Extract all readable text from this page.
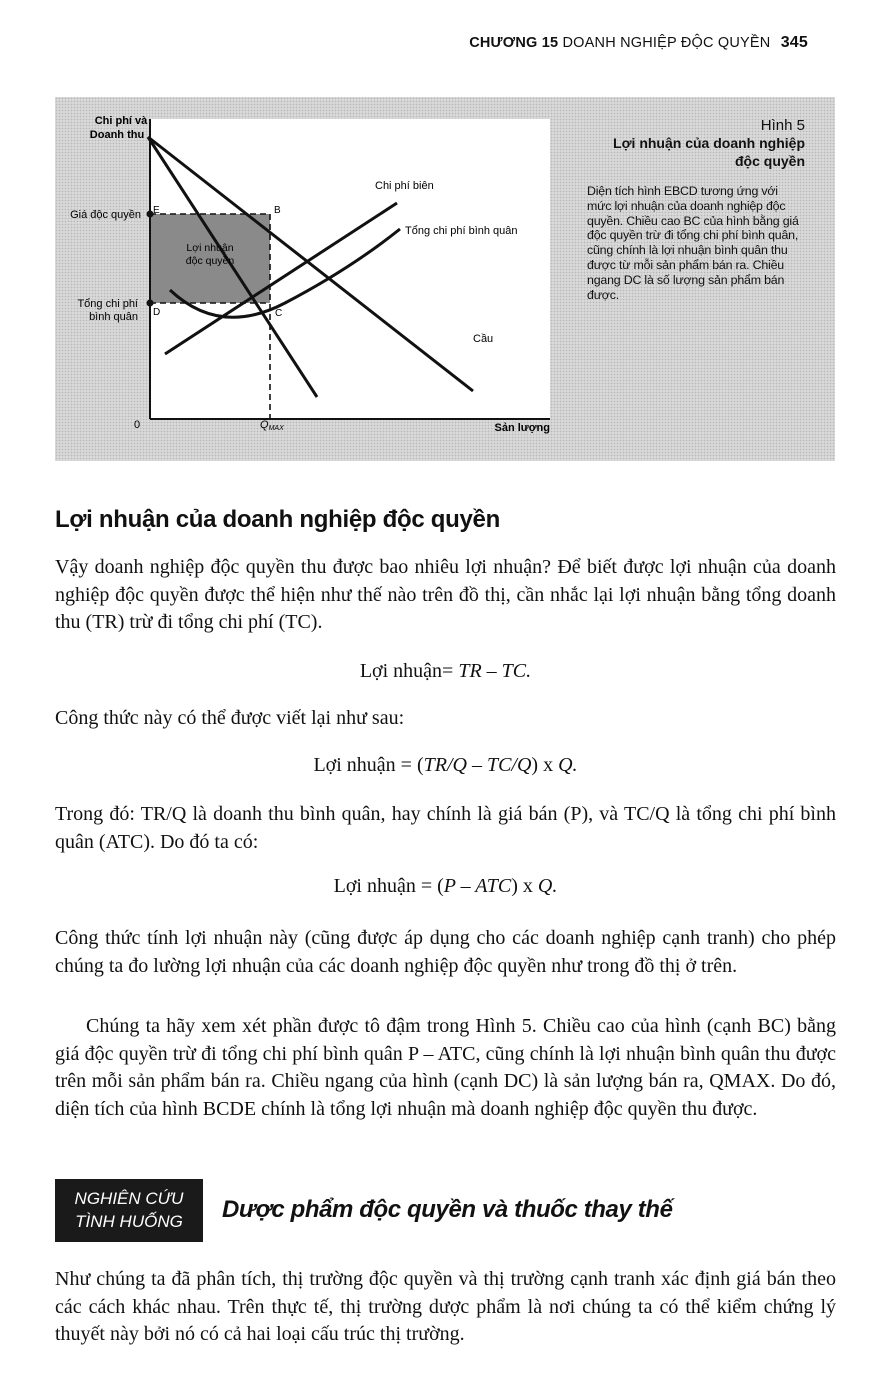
CHƯƠNG 15 DOANH NGHIỆP ĐỘC QUYỀN 345
Chi phí và
Doanh thu
Giá độc quyền
Tổng chi phí
bình quân
0	QMAX	Sản lượng
Lợi nhuận
độc quyền
E	B
C
D
Chi phí biên
Tổng chi phí bình quân
Cầu
Hình 5
Lợi nhuận của doanh nghiệp độc quyền
Diện tích hình EBCD tương ứng với mức lợi nhuận của doanh nghiệp độc quyền. Chiều cao BC của hình bằng giá độc quyền trừ đi tổng chi phí bình quân, cũng chính là lợi nhuận bình quân thu được từ mỗi sản phẩm bán ra. Chiều ngang DC là số lượng sản phẩm bán được.
Lợi nhuận của doanh nghiệp độc quyền

Vậy doanh nghiệp độc quyền thu được bao nhiêu lợi nhuận? Để biết được lợi nhuận của doanh nghiệp độc quyền được thể hiện như thế nào trên đồ thị, cần nhắc lại lợi nhuận bằng tổng doanh thu (TR) trừ đi tổng chi phí (TC).

Lợi nhuận= TR – TC.

Công thức này có thể được viết lại như sau:

Lợi nhuận = (TR/Q – TC/Q) x Q.

Trong đó: TR/Q là doanh thu bình quân, hay chính là giá bán (P), và TC/Q là tổng chi phí bình quân (ATC). Do đó ta có:

Lợi nhuận = (P – ATC) x Q.

Công thức tính lợi nhuận này (cũng được áp dụng cho các doanh nghiệp cạnh tranh) cho phép chúng ta đo lường lợi nhuận của các doanh nghiệp độc quyền như trong đồ thị ở trên.

Chúng ta hãy xem xét phần được tô đậm trong Hình 5. Chiều cao của hình (cạnh BC) bằng giá độc quyền trừ đi tổng chi phí bình quân P – ATC, cũng chính là lợi nhuận bình quân thu được trên mỗi sản phẩm bán ra. Chiều ngang của hình (cạnh DC) là sản lượng bán ra, QMAX. Do đó, diện tích của hình BCDE chính là tổng lợi nhuận mà doanh nghiệp độc quyền thu được.

NGHIÊN CỨU
TÌNH HUỐNG	Dược phẩm độc quyền và thuốc thay thế

Như chúng ta đã phân tích, thị trường độc quyền và thị trường cạnh tranh xác định giá bán theo các cách khác nhau. Trên thực tế, thị trường dược phẩm là nơi chúng ta có thể kiểm chứng lý thuyết này bởi nó có cả hai loại cấu trúc thị trường.
